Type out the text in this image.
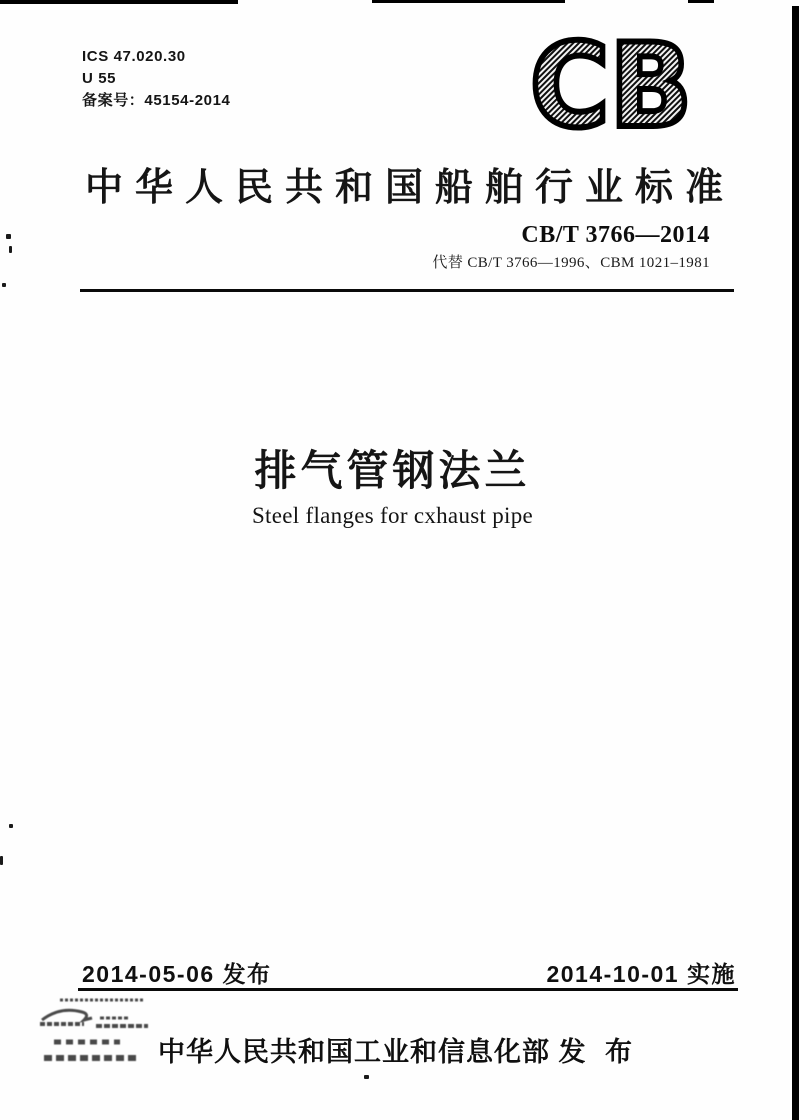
ICS 47.020.30
U 55
备案号：45154-2014	CB
中华人民共和国船舶行业标准
CB/T 3766—2014
代替 CB/T 3766—1996、CBM 1021–1981
排气管钢法兰
Steel flanges for cxhaust pipe
2014-05-06 发布	2014-10-01 实施
中华人民共和国工业和信息化部 发 布
